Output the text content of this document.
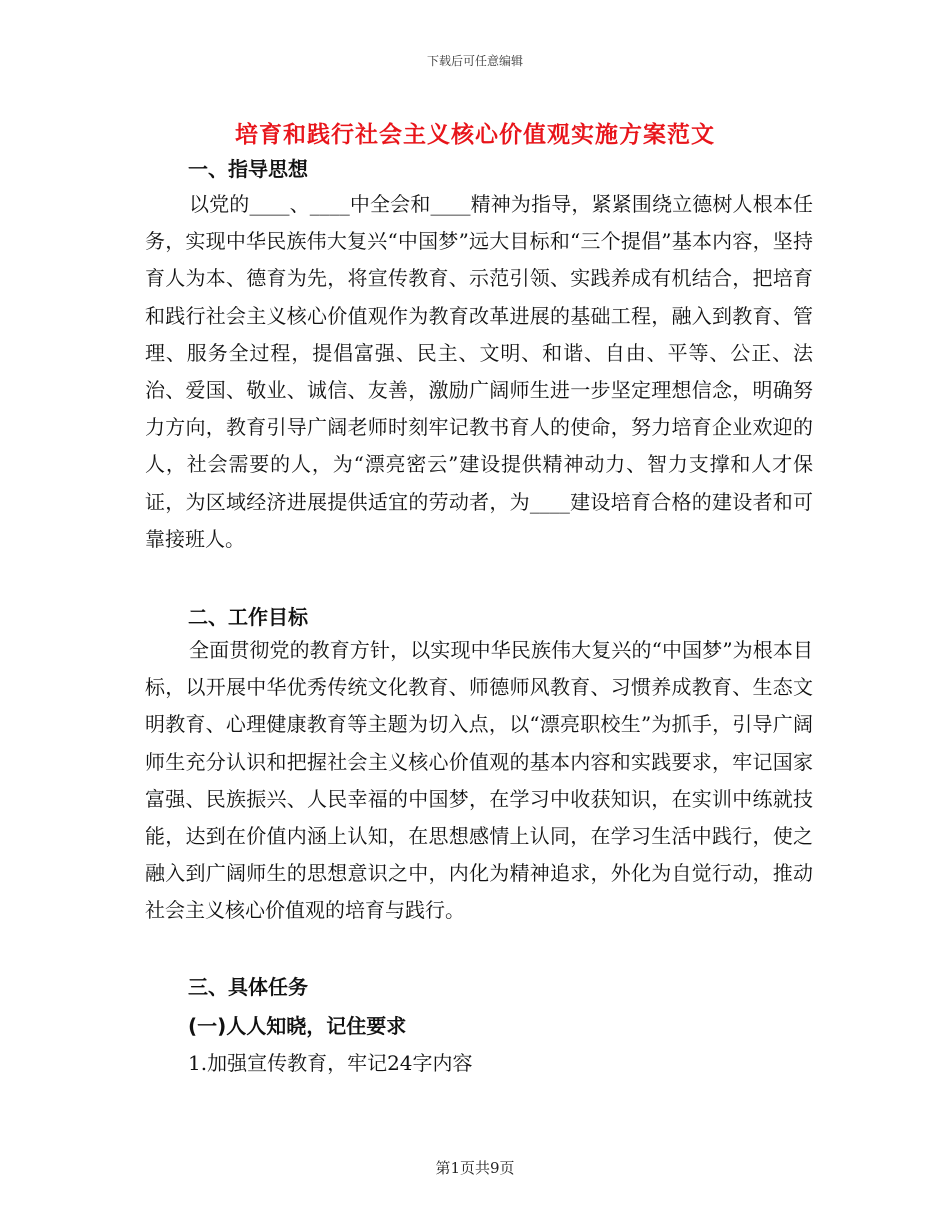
下载后可任意编辑
培育和践行社会主义核心价值观实施方案范文
一、指导思想

以党的____、____中全会和____精神为指导，紧紧围绕立德树人根本任务，实现中华民族伟大复兴“中国梦”远大目标和“三个提倡”基本内容，坚持育人为本、德育为先，将宣传教育、示范引领、实践养成有机结合，把培育和践行社会主义核心价值观作为教育改革进展的基础工程，融入到教育、管理、服务全过程，提倡富强、民主、文明、和谐、自由、平等、公正、法治、爱国、敬业、诚信、友善，激励广阔师生进一步坚定理想信念，明确努力方向，教育引导广阔老师时刻牢记教书育人的使命，努力培育企业欢迎的人，社会需要的人，为“漂亮密云”建设提供精神动力、智力支撑和人才保证，为区域经济进展提供适宜的劳动者，为____建设培育合格的建设者和可靠接班人。

二、工作目标

全面贯彻党的教育方针，以实现中华民族伟大复兴的“中国梦”为根本目标，以开展中华优秀传统文化教育、师德师风教育、习惯养成教育、生态文明教育、心理健康教育等主题为切入点，以“漂亮职校生”为抓手，引导广阔师生充分认识和把握社会主义核心价值观的基本内容和实践要求，牢记国家富强、民族振兴、人民幸福的中国梦，在学习中收获知识，在实训中练就技能，达到在价值内涵上认知，在思想感情上认同，在学习生活中践行，使之融入到广阔师生的思想意识之中，内化为精神追求，外化为自觉行动，推动社会主义核心价值观的培育与践行。

三、具体任务
(一)人人知晓，记住要求
1.加强宣传教育，牢记24字内容
第1页共9页
